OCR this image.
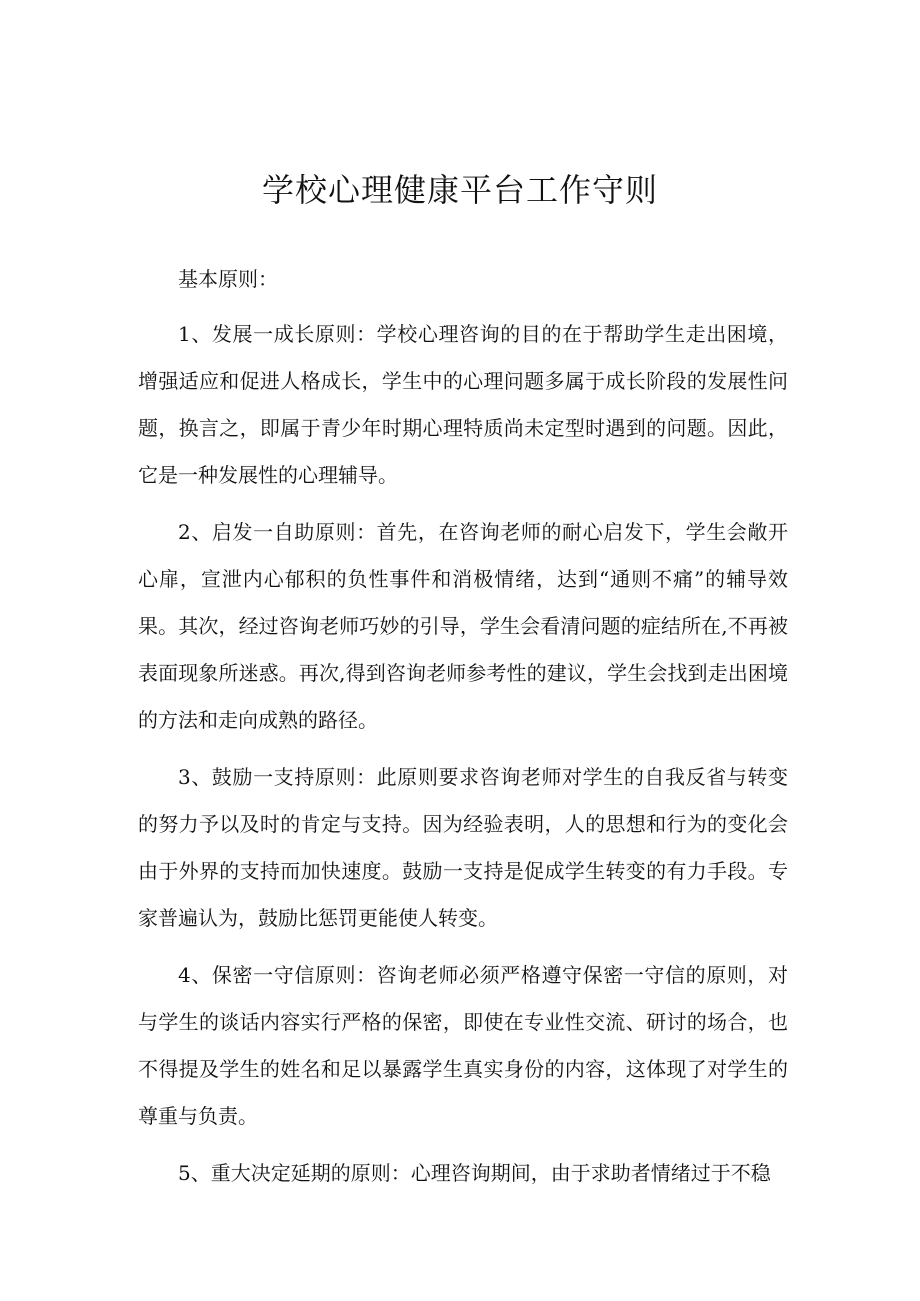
学校心理健康平台工作守则

基本原则：

1、发展一成长原则：学校心理咨询的目的在于帮助学生走出困境，增强适应和促进人格成长，学生中的心理问题多属于成长阶段的发展性问题，换言之，即属于青少年时期心理特质尚未定型时遇到的问题。因此，它是一种发展性的心理辅导。

2、启发一自助原则：首先，在咨询老师的耐心启发下，学生会敞开心扉，宣泄内心郁积的负性事件和消极情绪，达到“通则不痛”的辅导效果。其次，经过咨询老师巧妙的引导，学生会看清问题的症结所在,不再被表面现象所迷惑。再次,得到咨询老师参考性的建议，学生会找到走出困境的方法和走向成熟的路径。

3、鼓励一支持原则：此原则要求咨询老师对学生的自我反省与转变的努力予以及时的肯定与支持。因为经验表明，人的思想和行为的变化会由于外界的支持而加快速度。鼓励一支持是促成学生转变的有力手段。专家普遍认为，鼓励比惩罚更能使人转变。

4、保密一守信原则：咨询老师必须严格遵守保密一守信的原则，对与学生的谈话内容实行严格的保密，即使在专业性交流、研讨的场合，也不得提及学生的姓名和足以暴露学生真实身份的内容，这体现了对学生的尊重与负责。

5、重大决定延期的原则：心理咨询期间，由于求助者情绪过于不稳
